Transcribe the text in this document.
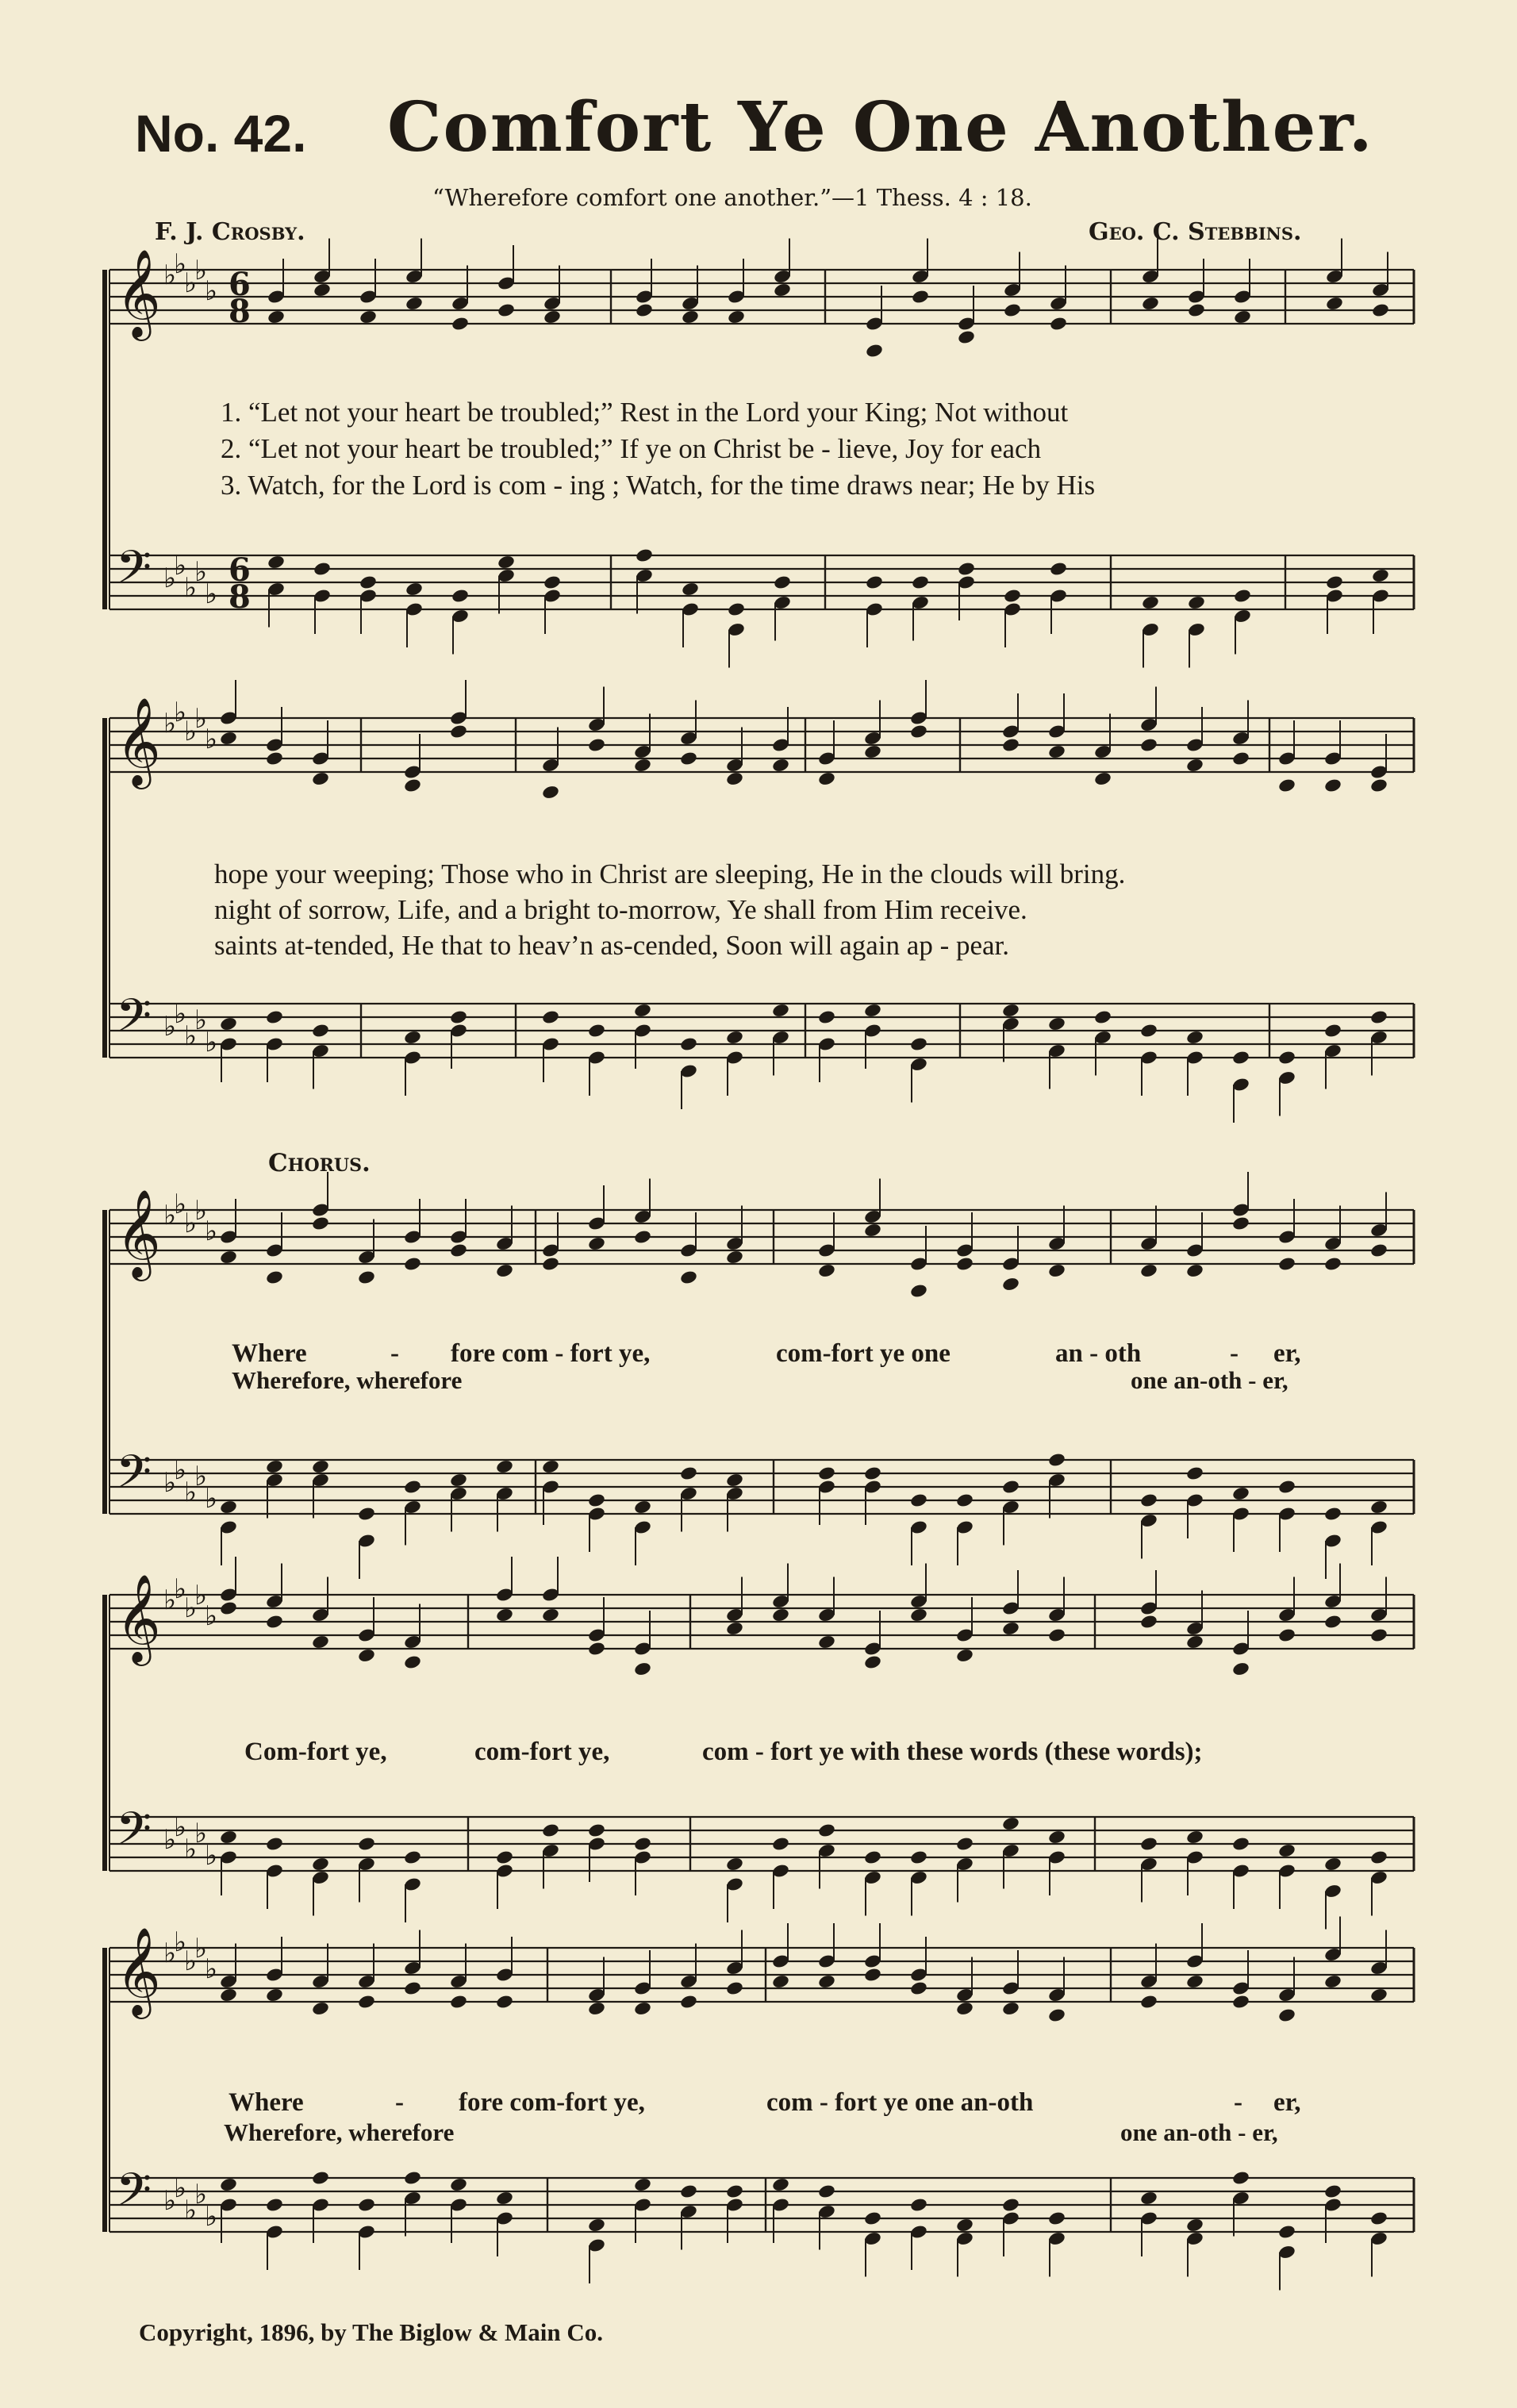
𝄞 ♭
♭
♭
♭
♭ 6
8
𝄢 ♭
♭
♭
♭
♭
6
8
𝄞 ♭
♭
♭
♭
♭
𝄢 ♭
♭
♭
♭
♭
𝄞 ♭
♭
♭
♭
♭
𝄢 ♭
♭
♭
♭
♭
𝄞 ♭
♭
♭
♭
♭
𝄢 ♭
♭
♭
♭
♭
𝄞 ♭
♭
♭
♭
♭
𝄢 ♭
♭
♭
♭
♭
No. 42. Comfort Ye One Another.
“Wherefore comfort one another.”—1 Thess. 4 : 18.
F. J. Crosby.	Geo. C. Stebbins.
1. “Let not your heart be troubled;” Rest in the Lord your King; Not without
2. “Let not your heart be troubled;” If ye on Christ be - lieve, Joy for each
3. Watch, for the Lord is com - ing ; Watch, for the time draws near; He by His
hope your weeping; Those who in Christ are sleeping, He in the clouds will bring.
night of sorrow, Life, and a bright to-morrow, Ye shall from Him receive.
saints at-tended, He that to heav’n as-cended, Soon will again ap - pear.
Chorus.
Where	- fore com - fort ye,	com-fort ye one	an - oth	- er,
Wherefore, wherefore	one an-oth - er,
Com-fort ye,	com-fort ye,	com - fort ye with these words (these words);
Where	- fore com-fort ye,	com - fort ye one an-oth	- er,
Wherefore, wherefore	one an-oth - er,
Copyright, 1896, by The Biglow & Main Co.
